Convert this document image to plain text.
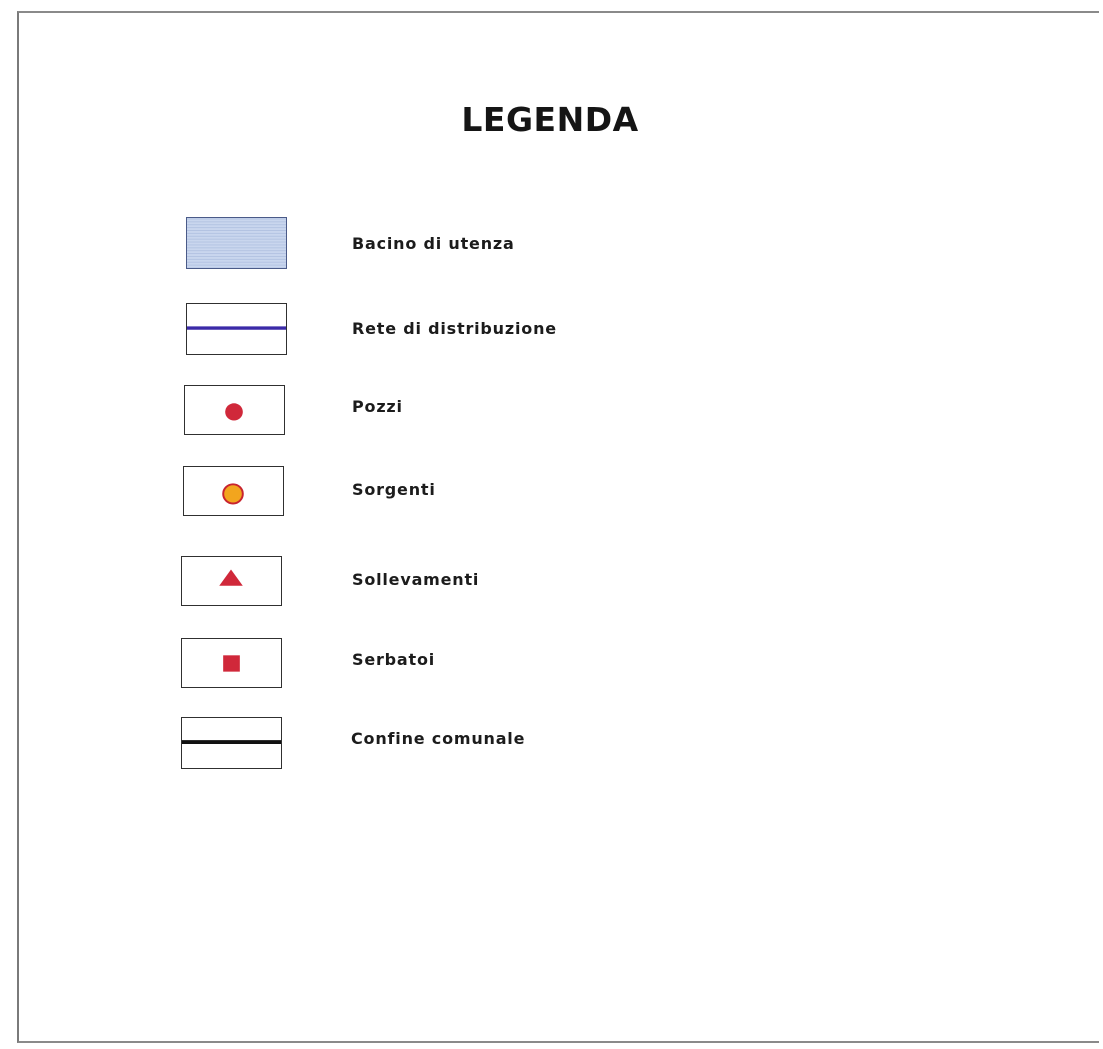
LEGENDA
Bacino di utenza
Rete di distribuzione
Pozzi
Sorgenti
Sollevamenti
Serbatoi
Confine comunale
